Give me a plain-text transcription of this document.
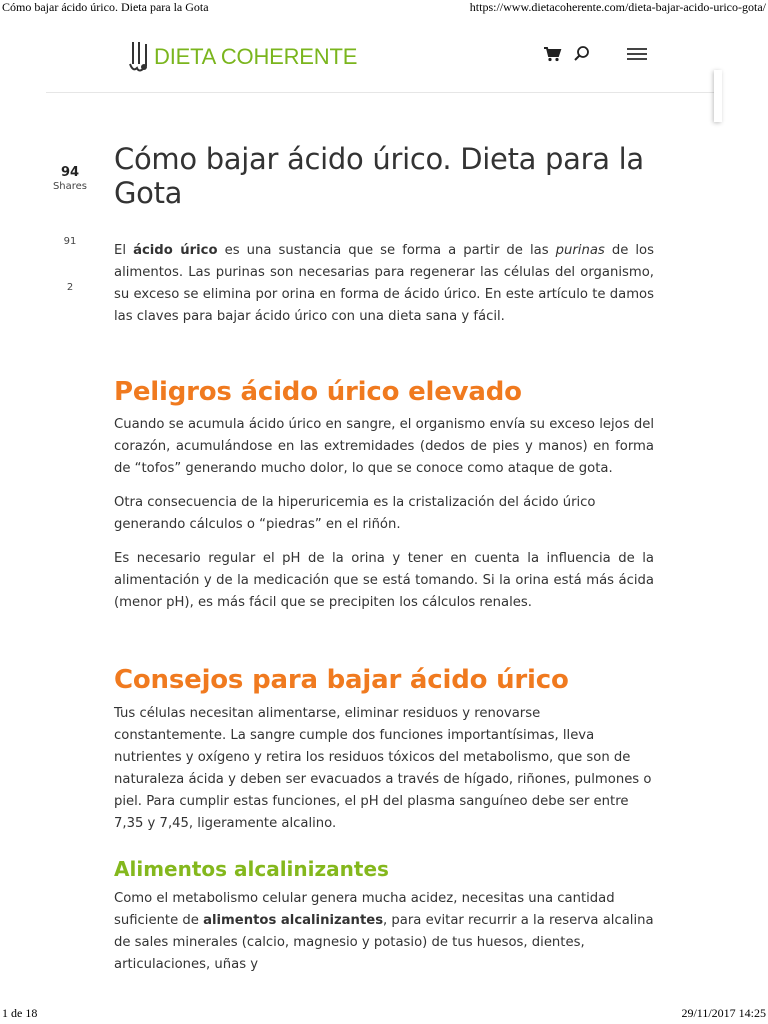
Cómo bajar ácido úrico. Dieta para la Gota	https://www.dietacoherente.com/dieta-bajar-acido-urico-gota/
DIETA COHERENTE
94
Shares
91
2
Cómo bajar ácido úrico. Dieta para la Gota

El ácido úrico es una sustancia que se forma a partir de las purinas de los alimentos. Las purinas son necesarias para regenerar las células del organismo, su exceso se elimina por orina en forma de ácido úrico. En este artículo te damos las claves para bajar ácido úrico con una dieta sana y fácil.

Peligros ácido úrico elevado

Cuando se acumula ácido úrico en sangre, el organismo envía su exceso lejos del corazón, acumulándose en las extremidades (dedos de pies y manos) en forma de “tofos” generando mucho dolor, lo que se conoce como ataque de gota.

Otra consecuencia de la hiperuricemia es la cristalización del ácido úrico generando cálculos o “piedras” en el riñón.

Es necesario regular el pH de la orina y tener en cuenta la influencia de la alimentación y de la medicación que se está tomando. Si la orina está más ácida (menor pH), es más fácil que se precipiten los cálculos renales.

Consejos para bajar ácido úrico

Tus células necesitan alimentarse, eliminar residuos y renovarse constantemente. La sangre cumple dos funciones importantísimas, lleva nutrientes y oxígeno y retira los residuos tóxicos del metabolismo, que son de naturaleza ácida y deben ser evacuados a través de hígado, riñones, pulmones o piel. Para cumplir estas funciones, el pH del plasma sanguíneo debe ser entre 7,35 y 7,45, ligeramente alcalino.

Alimentos alcalinizantes

Como el metabolismo celular genera mucha acidez, necesitas una cantidad suficiente de alimentos alcalinizantes, para evitar recurrir a la reserva alcalina de sales minerales (calcio, magnesio y potasio) de tus huesos, dientes, articulaciones, uñas y

1 de 18	29/11/2017 14:25
